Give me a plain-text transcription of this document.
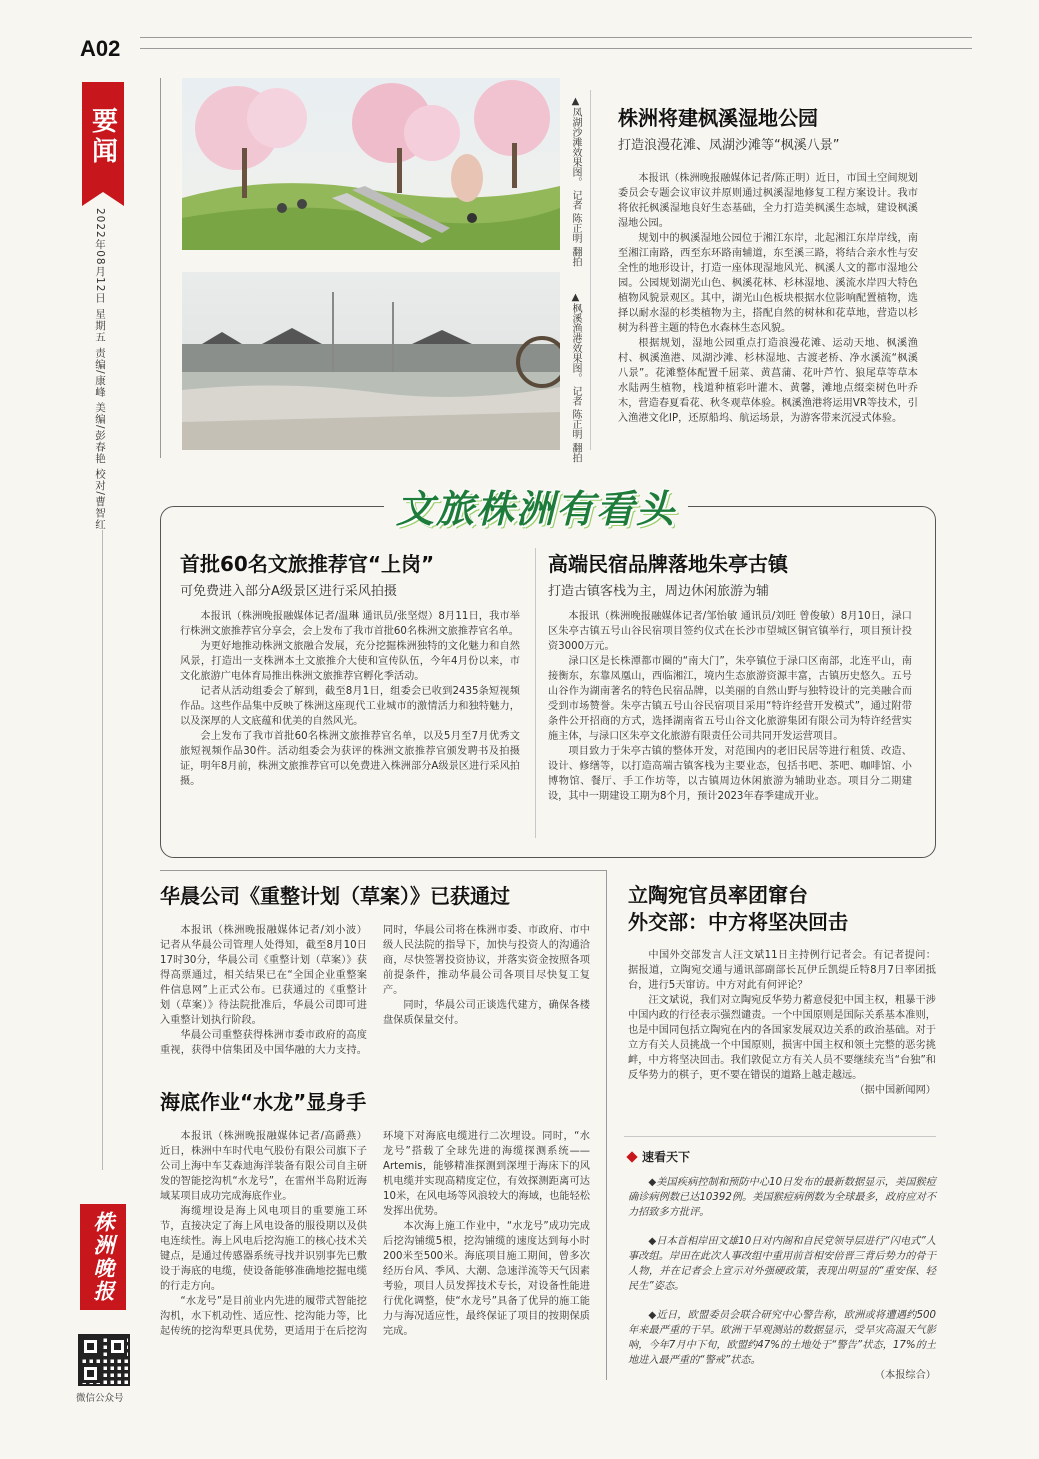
A02
要闻
2022年08月12日 星期五 责编/康峰 美编/彭春艳 校对/曹智红
▲凤湖沙滩效果图。 记者 陈正明 翻拍
▲枫溪渔港效果图。 记者 陈正明 翻拍
株洲将建枫溪湿地公园
打造浪漫花滩、凤湖沙滩等“枫溪八景”

本报讯（株洲晚报融媒体记者/陈正明）近日，市国土空间规划委员会专题会议审议并原则通过枫溪湿地修复工程方案设计。我市将依托枫溪湿地良好生态基础，全力打造美枫溪生态城，建设枫溪湿地公园。

规划中的枫溪湿地公园位于湘江东岸，北起湘江东岸岸线，南至湘江南路，西至东环路南辅道，东至溪三路，将结合亲水性与安全性的地形设计，打造一座体现湿地风光、枫溪人文的都市湿地公园。公园规划湖光山色、枫溪花林、杉林湿地、溪流水岸四大特色植物风貌景观区。其中，湖光山色板块根据水位影响配置植物，选择以耐水湿的杉类植物为主，搭配自然的树林和花草地，营造以杉树为科普主题的特色水森林生态风貌。

根据规划，湿地公园重点打造浪漫花滩、运动天地、枫溪渔村、枫溪渔港、凤湖沙滩、杉林湿地、古渡老桥、净水溪流“枫溪八景”。花滩整体配置千屈菜、黄菖蒲、花叶芦竹、狼尾草等草本水陆两生植物，栈道种植彩叶灌木、黄馨，滩地点缀栾树色叶乔木，营造春夏看花、秋冬观草体验。枫溪渔港将运用VR等技术，引入渔港文化IP，还原船坞、航运场景，为游客带来沉浸式体验。

文旅株洲有看头
首批60名文旅推荐官“上岗”
可免费进入部分A级景区进行采风拍摄

本报讯（株洲晚报融媒体记者/温琳 通讯员/张坚煜）8月11日，我市举行株洲文旅推荐官分享会，会上发布了我市首批60名株洲文旅推荐官名单。

为更好地推动株洲文旅融合发展，充分挖掘株洲独特的文化魅力和自然风景，打造出一支株洲本土文旅推介大使和宣传队伍，今年4月份以来，市文化旅游广电体育局推出株洲文旅推荐官孵化季活动。

记者从活动组委会了解到，截至8月1日，组委会已收到2435条短视频作品。这些作品集中反映了株洲这座现代工业城市的激情活力和独特魅力，以及深厚的人文底蕴和优美的自然风光。

会上发布了我市首批60名株洲文旅推荐官名单，以及5月至7月优秀文旅短视频作品30件。活动组委会为获评的株洲文旅推荐官颁发聘书及拍摄证，明年8月前，株洲文旅推荐官可以免费进入株洲部分A级景区进行采风拍摄。

高端民宿品牌落地朱亭古镇
打造古镇客栈为主，周边休闲旅游为辅

本报讯（株洲晚报融媒体记者/邹怡敏 通讯员/刘旺 曾俊敏）8月10日，渌口区朱亭古镇五号山谷民宿项目签约仪式在长沙市望城区铜官镇举行，项目预计投资3000万元。

渌口区是长株潭都市圈的“南大门”，朱亭镇位于渌口区南部，北连平山，南接衡东，东靠凤凰山，西临湘江，境内生态旅游资源丰富，古镇历史悠久。五号山谷作为湖南著名的特色民宿品牌，以美丽的自然山野与独特设计的完美融合而受到市场赞誉。朱亭古镇五号山谷民宿项目采用“特许经营开发模式”，通过附带条件公开招商的方式，选择湖南省五号山谷文化旅游集团有限公司为特许经营实施主体，与渌口区朱亭文化旅游有限责任公司共同开发运营项目。

项目致力于朱亭古镇的整体开发，对范围内的老旧民居等进行租赁、改造、设计、修缮等，以打造高端古镇客栈为主要业态，包括书吧、茶吧、咖啡馆、小博物馆、餐厅、手工作坊等，以古镇周边休闲旅游为辅助业态。项目分二期建设，其中一期建设工期为8个月，预计2023年春季建成开业。

华晨公司《重整计划（草案）》已获通过

本报讯（株洲晚报融媒体记者/刘小波）记者从华晨公司管理人处得知，截至8月10日17时30分，华晨公司《重整计划（草案）》获得高票通过，相关结果已在“全国企业重整案件信息网”上正式公布。已获通过的《重整计划（草案）》待法院批准后，华晨公司即可进入重整计划执行阶段。

华晨公司重整获得株洲市委市政府的高度重视，获得中信集团及中国华融的大力支持。同时，华晨公司将在株洲市委、市政府、市中级人民法院的指导下，加快与投资人的沟通洽商，尽快签署投资协议，并落实资金按照各项前提条件，推动华晨公司各项目尽快复工复产。

同时，华晨公司正谈选代建方，确保各楼盘保质保量交付。

海底作业“水龙”显身手

本报讯（株洲晚报融媒体记者/高爵燕）近日，株洲中车时代电气股份有限公司旗下子公司上海中车艾森迪海洋装备有限公司自主研发的智能挖沟机“水龙号”，在雷州半岛附近海域某项目成功完成海底作业。

海缆埋设是海上风电项目的重要施工环节，直接决定了海上风电设备的服役期以及供电连续性。海上风电后挖沟施工的核心技术关键点，是通过传感器系统寻找并识别事先已敷设于海底的电缆，使设备能够准确地挖掘电缆的行走方向。

“水龙号”是目前业内先进的履带式智能挖沟机，水下机动性、适应性、挖沟能力等，比起传统的挖沟犁更具优势，更适用于在后挖沟环境下对海底电缆进行二次埋设。同时，“水龙号”搭载了全球先进的海缆探测系统——Artemis，能够精准探测到深埋于海床下的风机电缆并实现高精度定位，有效探测距离可达10米，在风电场等风浪较大的海域，也能轻松发挥出优势。

本次海上施工作业中，“水龙号”成功完成后挖沟铺缆5根，挖沟铺缆的速度达到每小时200米至500米。海底项目施工期间，曾多次经历台风、季风、大潮、急速洋流等天气因素考验，项目人员发挥技术专长，对设备性能进行优化调整，使“水龙号”具备了优异的施工能力与海况适应性，最终保证了项目的按期保质完成。

立陶宛官员率团窜台
外交部：中方将坚决回击

中国外交部发言人汪文斌11日主持例行记者会。有记者提问：据报道，立陶宛交通与通讯部副部长瓦伊丘凯缇丘特8月7日率团抵台，进行5天窜访。中方对此有何评论？

汪文斌说，我们对立陶宛反华势力蓄意侵犯中国主权，粗暴干涉中国内政的行径表示强烈谴责。一个中国原则是国际关系基本准则，也是中国同包括立陶宛在内的各国家发展双边关系的政治基础。对于立方有关人员挑战一个中国原则，损害中国主权和领土完整的恶劣挑衅，中方将坚决回击。我们敦促立方有关人员不要继续充当“台独”和反华势力的棋子，更不要在错误的道路上越走越远。

（据中国新闻网）
速看天下

◆美国疾病控制和预防中心10日发布的最新数据显示，美国猴痘确诊病例数已达10392例。美国猴痘病例数为全球最多，政府应对不力招致多方批评。

◆日本首相岸田文雄10日对内阁和自民党领导层进行“闪电式”人事改组。岸田在此次人事改组中重用前首相安倍晋三背后势力的骨干人物，并在记者会上宣示对外强硬政策，表现出明显的“重安保、轻民生”姿态。

◆近日，欧盟委员会联合研究中心警告称，欧洲或将遭遇约500年来最严重的干旱。欧洲干旱观测站的数据显示，受旱灾高温天气影响，今年7月中下旬，欧盟约47%的土地处于“警告”状态，17%的土地进入最严重的“警戒”状态。

（本报综合）
株洲晚报
微信公众号
